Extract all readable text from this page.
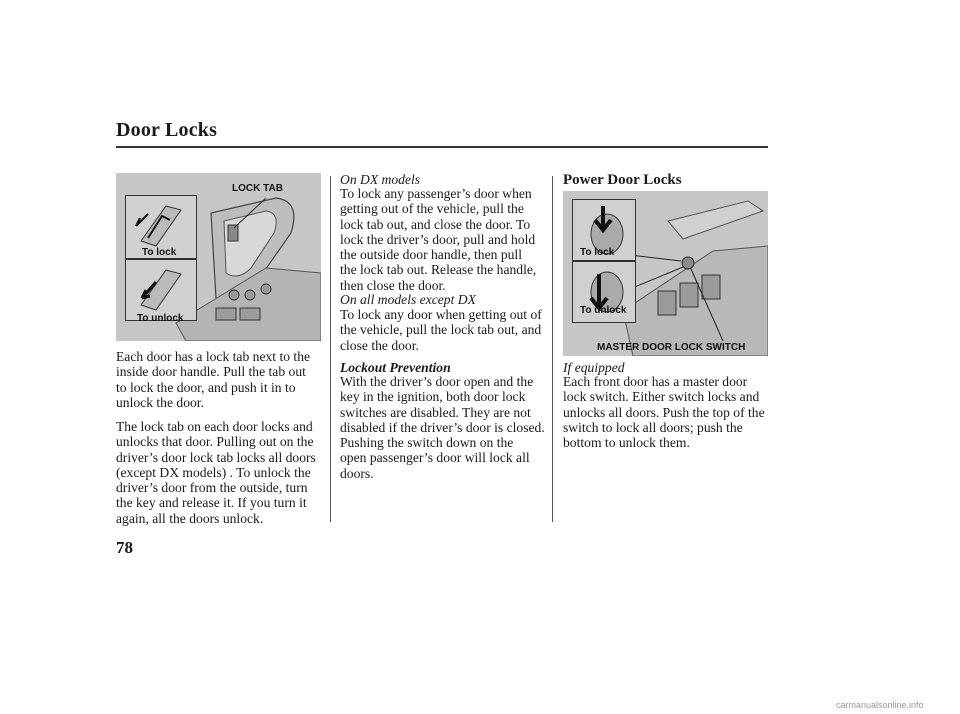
Door Locks
LOCK TAB
To lock
To unlock

Each door has a lock tab next to the
inside door handle. Pull the tab out
to lock the door, and push it in to
unlock the door.

The lock tab on each door locks and
unlocks that door. Pulling out on the
driver’s door lock tab locks all doors
(except DX models) . To unlock the
driver’s door from the outside, turn
the key and release it. If you turn it
again, all the doors unlock.

On DX models

To lock any passenger’s door when
getting out of the vehicle, pull the
lock tab out, and close the door. To
lock the driver’s door, pull and hold
the outside door handle, then pull
the lock tab out. Release the handle,
then close the door.

On all models except DX

To lock any door when getting out of
the vehicle, pull the lock tab out, and
close the door.

Lockout Prevention

With the driver’s door open and the
key in the ignition, both door lock
switches are disabled. They are not
disabled if the driver’s door is closed.
Pushing the switch down on the
open passenger’s door will lock all
doors.

Power Door Locks
To lock
To unlock
MASTER DOOR LOCK SWITCH
If equipped

Each front door has a master door
lock switch. Either switch locks and
unlocks all doors. Push the top of the
switch to lock all doors; push the
bottom to unlock them.

78
carmanualsonline.info
